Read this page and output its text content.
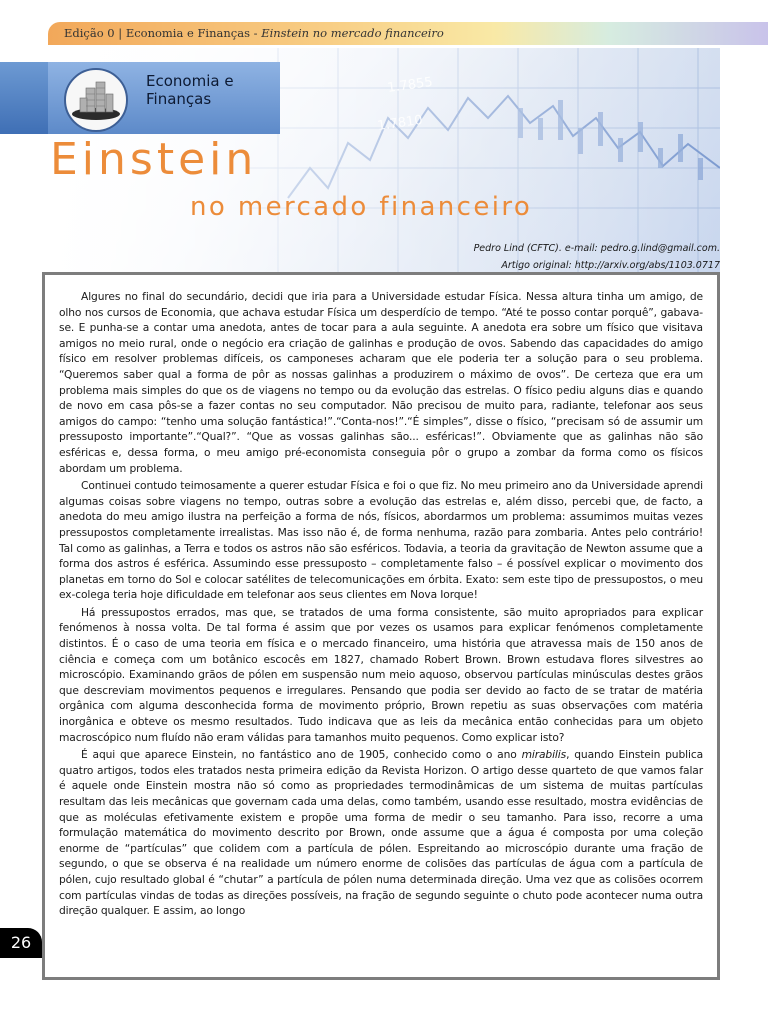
Edição 0 | Economia e Finanças - Einstein no mercado financeiro
Economia e Finanças
Einstein
no mercado financeiro
Pedro Lind (CFTC). e-mail: pedro.g.lind@gmail.com.
Artigo original: http://arxiv.org/abs/1103.0717

Algures no final do secundário, decidi que iria para a Universidade estudar Física. Nessa altura tinha um amigo, de olho nos cursos de Economia, que achava estudar Física um desperdício de tempo. “Até te posso contar porquê”, gabava-se. E punha-se a contar uma anedota, antes de tocar para a aula seguinte. A anedota era sobre um físico que visitava amigos no meio rural, onde o negócio era criação de galinhas e produção de ovos. Sabendo das capacidades do amigo físico em resolver problemas difíceis, os camponeses acharam que ele poderia ter a solução para o seu problema. “Queremos saber qual a forma de pôr as nossas galinhas a produzirem o máximo de ovos”. De certeza que era um problema mais simples do que os de viagens no tempo ou da evolução das estrelas. O físico pediu alguns dias e quando de novo em casa pôs-se a fazer contas no seu computador. Não precisou de muito para, radiante, telefonar aos seus amigos do campo: “tenho uma solução fantástica!”.“Conta-nos!”.“É simples”, disse o físico, “precisam só de assumir um pressuposto importante”.“Qual?”. “Que as vossas galinhas são... esféricas!”. Obviamente que as galinhas não são esféricas e, dessa forma, o meu amigo pré-economista conseguia pôr o grupo a zombar da forma como os físicos abordam um problema.

Continuei contudo teimosamente a querer estudar Física e foi o que fiz. No meu primeiro ano da Universidade aprendi algumas coisas sobre viagens no tempo, outras sobre a evolução das estrelas e, além disso, percebi que, de facto, a anedota do meu amigo ilustra na perfeição a forma de nós, físicos, abordarmos um problema: assumimos muitas vezes pressupostos completamente irrealistas. Mas isso não é, de forma nenhuma, razão para zombaria. Antes pelo contrário! Tal como as galinhas, a Terra e todos os astros não são esféricos. Todavia, a teoria da gravitação de Newton assume que a forma dos astros é esférica. Assumindo esse pressuposto – completamente falso – é possível explicar o movimento dos planetas em torno do Sol e colocar satélites de telecomunicações em órbita. Exato: sem este tipo de pressupostos, o meu ex-colega teria hoje dificuldade em telefonar aos seus clientes em Nova Iorque!

Há pressupostos errados, mas que, se tratados de uma forma consistente, são muito apropriados para explicar fenómenos à nossa volta. De tal forma é assim que por vezes os usamos para explicar fenómenos completamente distintos. É o caso de uma teoria em física e o mercado financeiro, uma história que atravessa mais de 150 anos de ciência e começa com um botânico escocês em 1827, chamado Robert Brown. Brown estudava flores silvestres ao microscópio. Examinando grãos de pólen em suspensão num meio aquoso, observou partículas minúsculas destes grãos que descreviam movimentos pequenos e irregulares. Pensando que podia ser devido ao facto de se tratar de matéria orgânica com alguma desconhecida forma de movimento próprio, Brown repetiu as suas observações com matéria inorgânica e obteve os mesmo resultados. Tudo indicava que as leis da mecânica então conhecidas para um objeto macroscópico num fluído não eram válidas para tamanhos muito pequenos. Como explicar isto?

É aqui que aparece Einstein, no fantástico ano de 1905, conhecido como o ano mirabilis, quando Einstein publica quatro artigos, todos eles tratados nesta primeira edição da Revista Horizon. O artigo desse quarteto de que vamos falar é aquele onde Einstein mostra não só como as propriedades termodinâmicas de um sistema de muitas partículas resultam das leis mecânicas que governam cada uma delas, como também, usando esse resultado, mostra evidências de que as moléculas efetivamente existem e propõe uma forma de medir o seu tamanho. Para isso, recorre a uma formulação matemática do movimento descrito por Brown, onde assume que a água é composta por uma coleção enorme de “partículas” que colidem com a partícula de pólen. Espreitando ao microscópio durante uma fração de segundo, o que se observa é na realidade um número enorme de colisões das partículas de água com a partícula de pólen, cujo resultado global é “chutar” a partícula de pólen numa determinada direção. Uma vez que as colisões ocorrem com partículas vindas de todas as direções possíveis, na fração de segundo seguinte o chuto pode acontecer numa outra direção qualquer. E assim, ao longo

26
